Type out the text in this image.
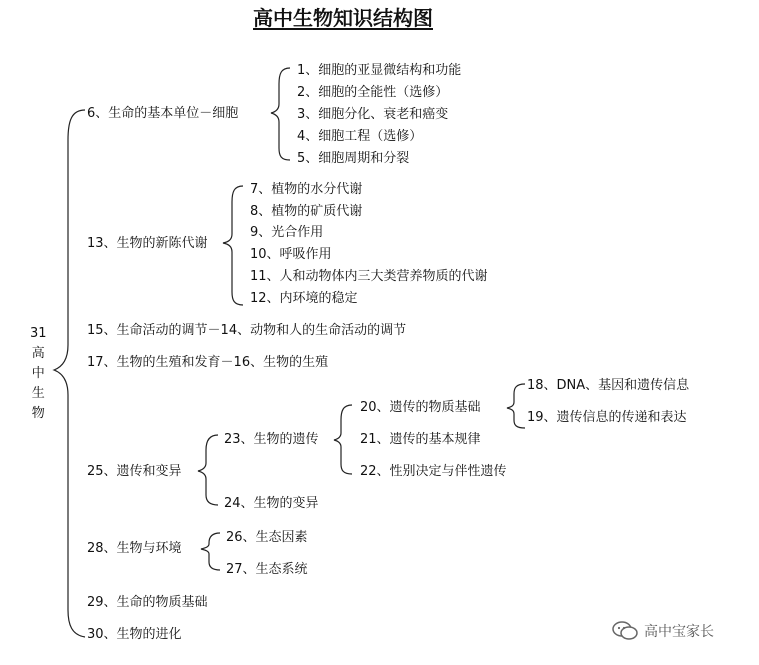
高中生物知识结构图
31
高
中
生
物
6、生命的基本单位－细胞
1、细胞的亚显微结构和功能
2、细胞的全能性（选修）
3、细胞分化、衰老和癌变
4、细胞工程（选修）
5、细胞周期和分裂
13、生物的新陈代谢
7、植物的水分代谢
8、植物的矿质代谢
9、光合作用
10、呼吸作用
11、人和动物体内三大类营养物质的代谢
12、内环境的稳定
15、生命活动的调节－14、动物和人的生命活动的调节
17、生物的生殖和发育－16、生物的生殖
25、遗传和变异
23、生物的遗传
24、生物的变异
20、遗传的物质基础
21、遗传的基本规律
22、性别决定与伴性遗传
18、DNA、基因和遗传信息
19、遗传信息的传递和表达
28、生物与环境
26、生态因素
27、生态系统
29、生命的物质基础
30、生物的进化	高中宝家长
